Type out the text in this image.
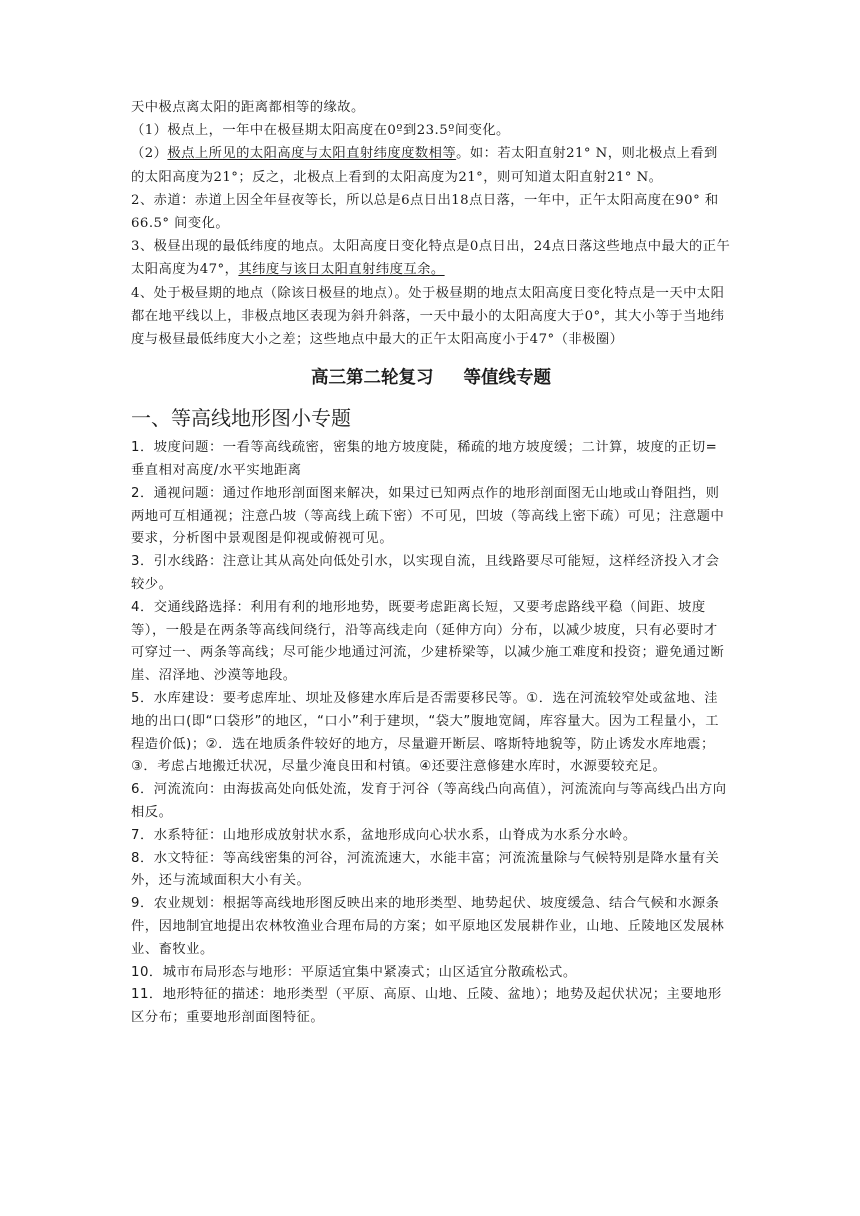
天中极点离太阳的距离都相等的缘故。

（1）极点上，一年中在极昼期太阳高度在0º到23.5º间变化。

（2）极点上所见的太阳高度与太阳直射纬度度数相等。如：若太阳直射21° N，则北极点上看到的太阳高度为21°；反之，北极点上看到的太阳高度为21°，则可知道太阳直射21° N。

2、赤道：赤道上因全年昼夜等长，所以总是6点日出18点日落，一年中，正午太阳高度在90° 和66.5° 间变化。

3、极昼出现的最低纬度的地点。太阳高度日变化特点是0点日出，24点日落这些地点中最大的正午太阳高度为47°，其纬度与该日太阳直射纬度互余。

4、处于极昼期的地点（除该日极昼的地点）。处于极昼期的地点太阳高度日变化特点是一天中太阳都在地平线以上，非极点地区表现为斜升斜落，一天中最小的太阳高度大于0°，其大小等于当地纬度与极昼最低纬度大小之差；这些地点中最大的正午太阳高度小于47°（非极圈）

高三第二轮复习 等值线专题
一、等高线地形图小专题

1．坡度问题：一看等高线疏密，密集的地方坡度陡，稀疏的地方坡度缓；二计算，坡度的正切=垂直相对高度/水平实地距离

2．通视问题：通过作地形剖面图来解决，如果过已知两点作的地形剖面图无山地或山脊阻挡，则两地可互相通视；注意凸坡（等高线上疏下密）不可见，凹坡（等高线上密下疏）可见；注意题中要求，分析图中景观图是仰视或俯视可见。

3．引水线路：注意让其从高处向低处引水，以实现自流，且线路要尽可能短，这样经济投入才会较少。

4．交通线路选择：利用有利的地形地势，既要考虑距离长短，又要考虑路线平稳（间距、坡度等），一般是在两条等高线间绕行，沿等高线走向（延伸方向）分布，以减少坡度，只有必要时才可穿过一、两条等高线；尽可能少地通过河流，少建桥梁等，以减少施工难度和投资；避免通过断崖、沼泽地、沙漠等地段。

5．水库建设：要考虑库址、坝址及修建水库后是否需要移民等。①．选在河流较窄处或盆地、洼地的出口(即“口袋形”的地区，“口小”利于建坝，“袋大”腹地宽阔，库容量大。因为工程量小，工程造价低)；②．选在地质条件较好的地方，尽量避开断层、喀斯特地貌等，防止诱发水库地震；③．考虑占地搬迁状况，尽量少淹良田和村镇。④还要注意修建水库时，水源要较充足。

6．河流流向：由海拔高处向低处流，发育于河谷（等高线凸向高值），河流流向与等高线凸出方向相反。

7．水系特征：山地形成放射状水系，盆地形成向心状水系，山脊成为水系分水岭。

8．水文特征：等高线密集的河谷，河流流速大，水能丰富；河流流量除与气候特别是降水量有关外，还与流域面积大小有关。

9．农业规划：根据等高线地形图反映出来的地形类型、地势起伏、坡度缓急、结合气候和水源条件，因地制宜地提出农林牧渔业合理布局的方案；如平原地区发展耕作业，山地、丘陵地区发展林业、畜牧业。

10．城市布局形态与地形：平原适宜集中紧凑式；山区适宜分散疏松式。

11．地形特征的描述：地形类型（平原、高原、山地、丘陵、盆地）；地势及起伏状况；主要地形区分布；重要地形剖面图特征。
